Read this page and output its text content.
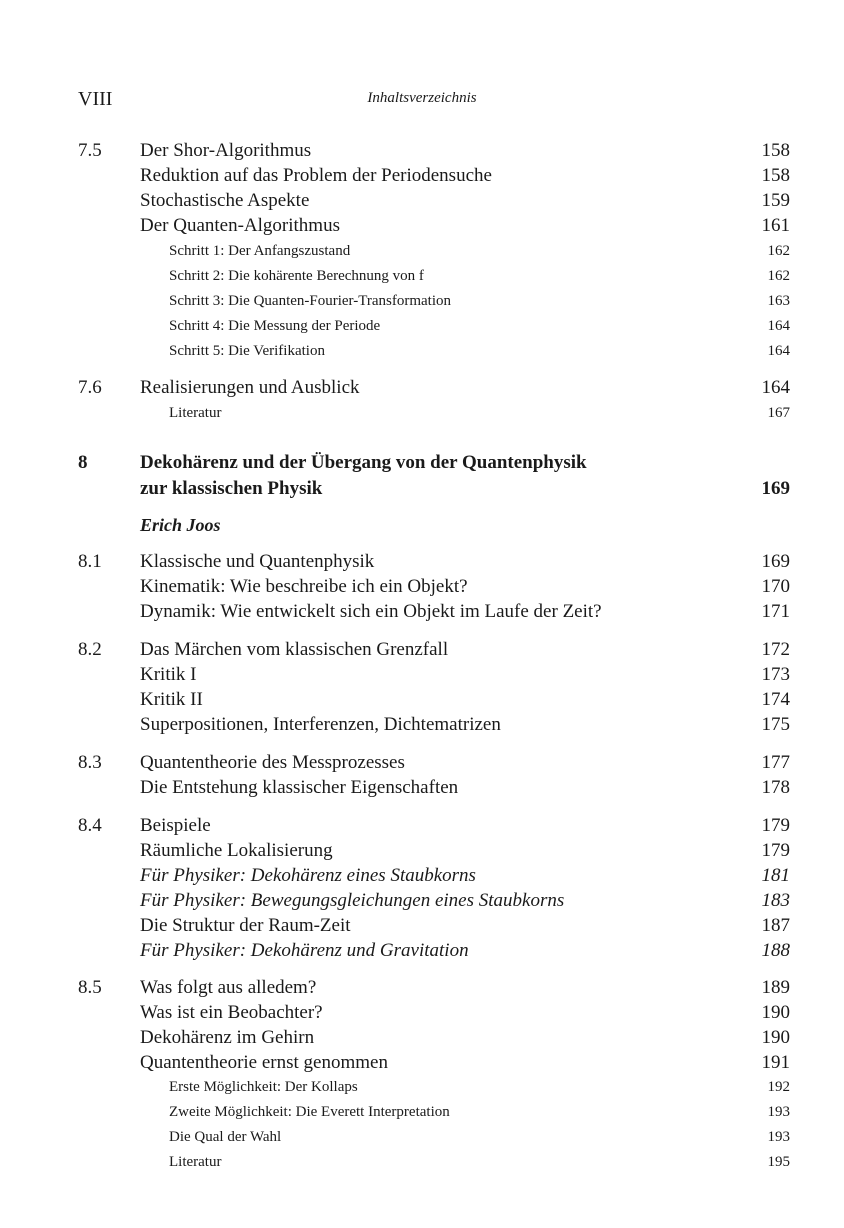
VIII	Inhaltsverzeichnis
7.5 Der Shor-Algorithmus	158
Reduktion auf das Problem der Periodensuche	158
Stochastische Aspekte	159
Der Quanten-Algorithmus	161
Schritt 1: Der Anfangszustand	162
Schritt 2: Die kohärente Berechnung von f	162
Schritt 3: Die Quanten-Fourier-Transformation	163
Schritt 4: Die Messung der Periode	164
Schritt 5: Die Verifikation	164
7.6 Realisierungen und Ausblick	164
Literatur	167
8	Dekohärenz und der Übergang von der Quantenphysik
zur klassischen Physik	169
Erich Joos
8.1 Klassische und Quantenphysik	169
Kinematik: Wie beschreibe ich ein Objekt?	170
Dynamik: Wie entwickelt sich ein Objekt im Laufe der Zeit?	171
8.2 Das Märchen vom klassischen Grenzfall	172
Kritik I	173
Kritik II	174
Superpositionen, Interferenzen, Dichtematrizen	175
8.3 Quantentheorie des Messprozesses	177
Die Entstehung klassischer Eigenschaften	178
8.4 Beispiele	179
Räumliche Lokalisierung	179
Für Physiker: Dekohärenz eines Staubkorns	181
Für Physiker: Bewegungsgleichungen eines Staubkorns	183
Die Struktur der Raum-Zeit	187
Für Physiker: Dekohärenz und Gravitation	188
8.5 Was folgt aus alledem?	189
Was ist ein Beobachter?	190
Dekohärenz im Gehirn	190
Quantentheorie ernst genommen	191
Erste Möglichkeit: Der Kollaps	192
Zweite Möglichkeit: Die Everett Interpretation	193
Die Qual der Wahl	193
Literatur	195
